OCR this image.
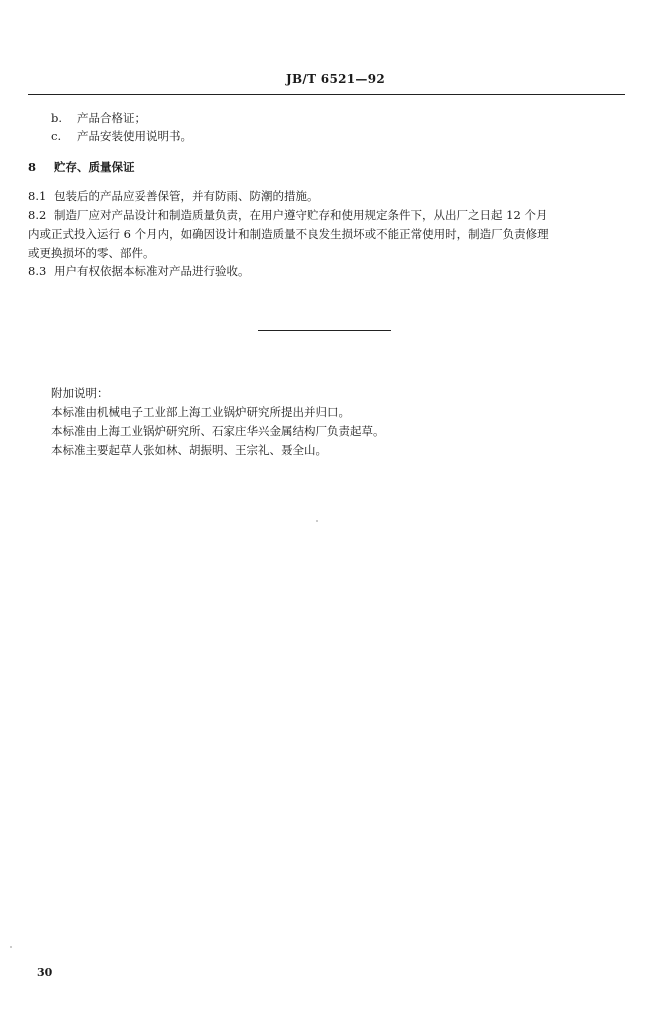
JB/T 6521—92
b. 产品合格证；
c. 产品安装使用说明书。
8 贮存、质量保证
8.1 包装后的产品应妥善保管，并有防雨、防潮的措施。
8.2 制造厂应对产品设计和制造质量负责，在用户遵守贮存和使用规定条件下，从出厂之日起 12 个月
内或正式投入运行 6 个月内，如确因设计和制造质量不良发生损坏或不能正常使用时，制造厂负责修理
或更换损坏的零、部件。
8.3 用户有权依据本标准对产品进行验收。
附加说明：
本标准由机械电子工业部上海工业锅炉研究所提出并归口。
本标准由上海工业锅炉研究所、石家庄华兴金属结构厂负责起草。
本标准主要起草人张如林、胡振明、王宗礼、聂全山。
30
